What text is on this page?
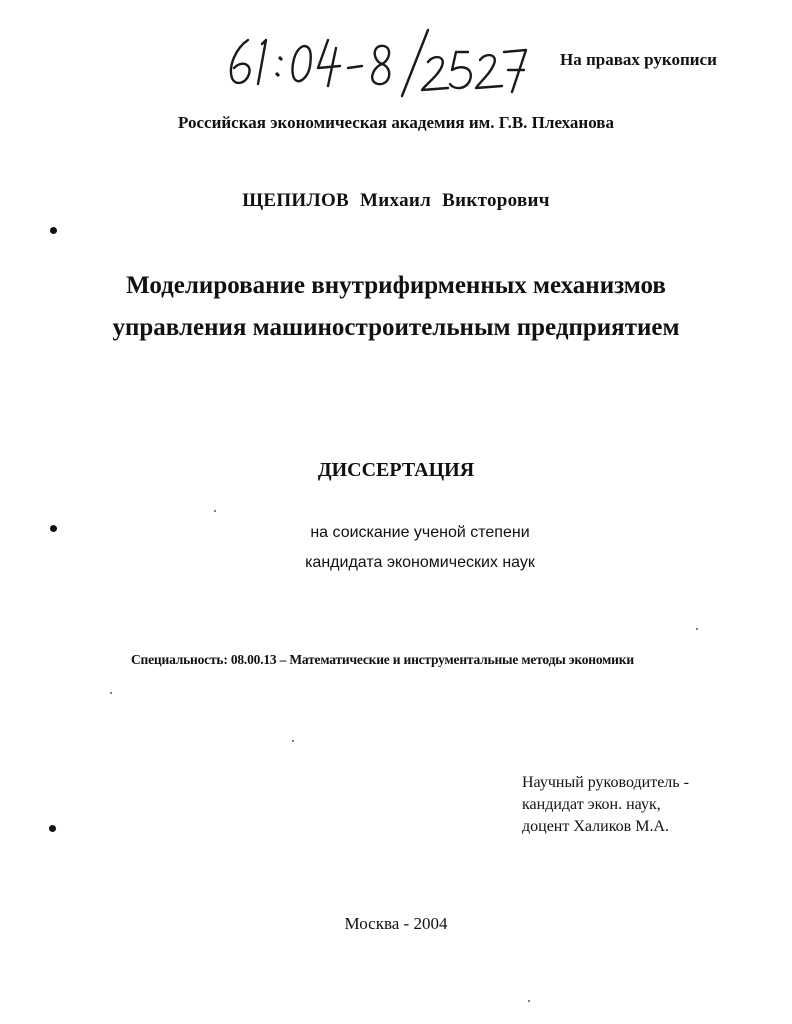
На правах рукописи
Российская экономическая академия им. Г.В. Плеханова
ЩЕПИЛОВ Михаил Викторович
Моделирование внутрифирменных механизмов
управления машиностроительным предприятием
ДИССЕРТАЦИЯ
на соискание ученой степени
кандидата экономических наук
Специальность: 08.00.13 – Математические и инструментальные методы экономики
Научный руководитель -
кандидат экон. наук,
доцент Халиков М.А.
Москва - 2004
